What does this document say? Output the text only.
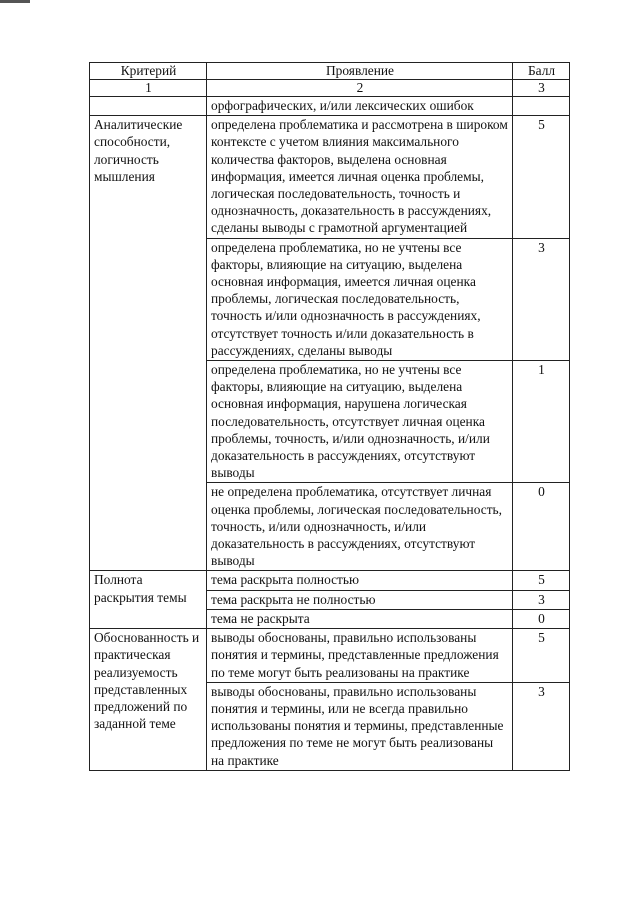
Критерий	Проявление	Балл
1	2	3
	орфографических, и/или лексических ошибок	
Аналитические способности, логичность мышления	определена проблематика и рассмотрена в широком контексте с учетом влияния максимального количества факторов, выделена основная информация, имеется личная оценка проблемы, логическая последовательность, точность и однозначность, доказательность в рассуждениях, сделаны выводы с грамотной аргументацией	5
	определена проблематика, но не учтены все факторы, влияющие на ситуацию, выделена основная информация, имеется личная оценка проблемы, логическая последовательность, точность и/или однозначность в рассуждениях, отсутствует точность и/или доказательность в рассуждениях, сделаны выводы	3
	определена проблематика, но не учтены все факторы, влияющие на ситуацию, выделена основная информация, нарушена логическая последовательность, отсутствует личная оценка проблемы, точность, и/или однозначность, и/или доказательность в рассуждениях, отсутствуют выводы	1
	не определена проблематика, отсутствует личная оценка проблемы, логическая последовательность, точность, и/или однозначность, и/или доказательность в рассуждениях, отсутствуют выводы	0
Полнота раскрытия темы	тема раскрыта полностью	5
	тема раскрыта не полностью	3
	тема не раскрыта	0
Обоснованность и практическая реализуемость представленных предложений по заданной теме	выводы обоснованы, правильно использованы понятия и термины, представленные предложения по теме могут быть реализованы на практике	5
	выводы обоснованы, правильно использованы понятия и термины, или не всегда правильно использованы понятия и термины, представленные предложения по теме не могут быть реализованы на практике	3
